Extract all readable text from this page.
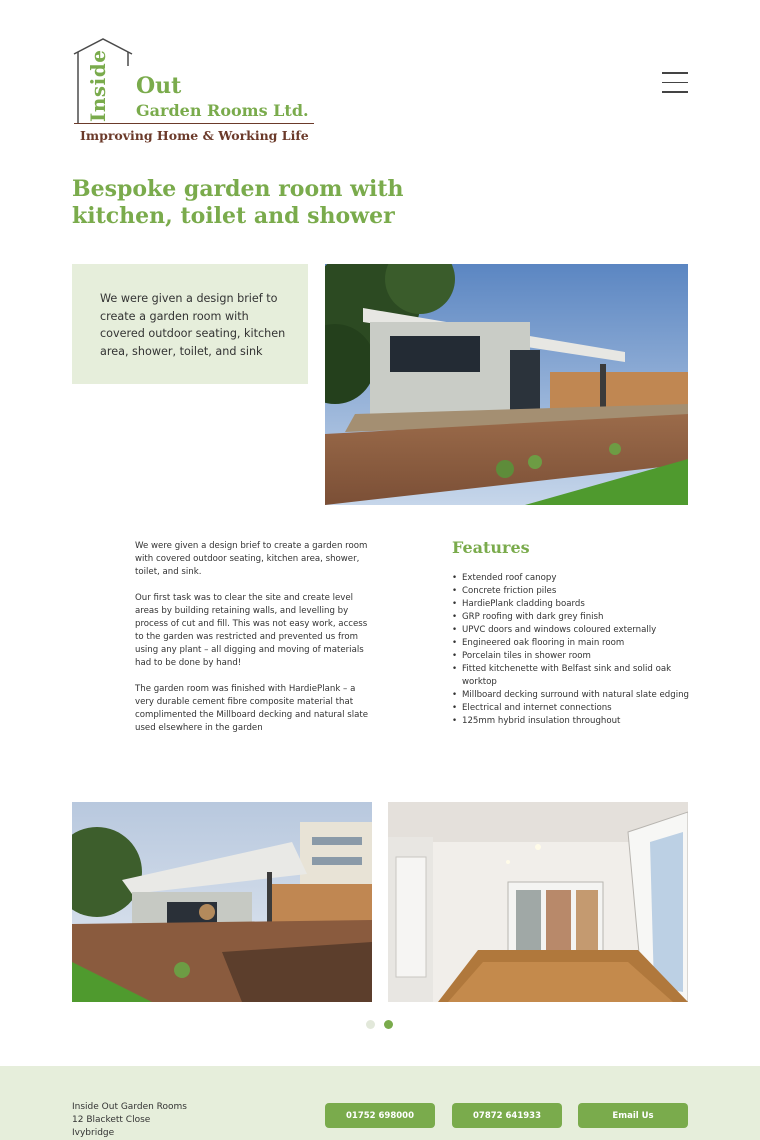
Inside Out
Garden Rooms Ltd.
Improving Home & Working Life
Bespoke garden room with kitchen, toilet and shower

We were given a design brief to create a garden room with covered outdoor seating, kitchen area, shower, toilet, and sink

We were given a design brief to create a garden room with covered outdoor seating, kitchen area, shower, toilet, and sink.

Our first task was to clear the site and create level areas by building retaining walls, and levelling by process of cut and fill. This was not easy work, access to the garden was restricted and prevented us from using any plant – all digging and moving of materials had to be done by hand!

The garden room was finished with HardiePlank – a very durable cement fibre composite material that complimented the Millboard decking and natural slate used elsewhere in the garden

Features
• Extended roof canopy
• Concrete friction piles
• HardiePlank cladding boards
• GRP roofing with dark grey finish
• UPVC doors and windows coloured externally
• Engineered oak flooring in main room
• Porcelain tiles in shower room
• Fitted kitchenette with Belfast sink and solid oak worktop
• Millboard decking surround with natural slate edging
• Electrical and internet connections
• 125mm hybrid insulation throughout
Inside Out Garden Rooms
12 Blackett Close
Ivybridge
01752 698000	07872 641933	Email Us
